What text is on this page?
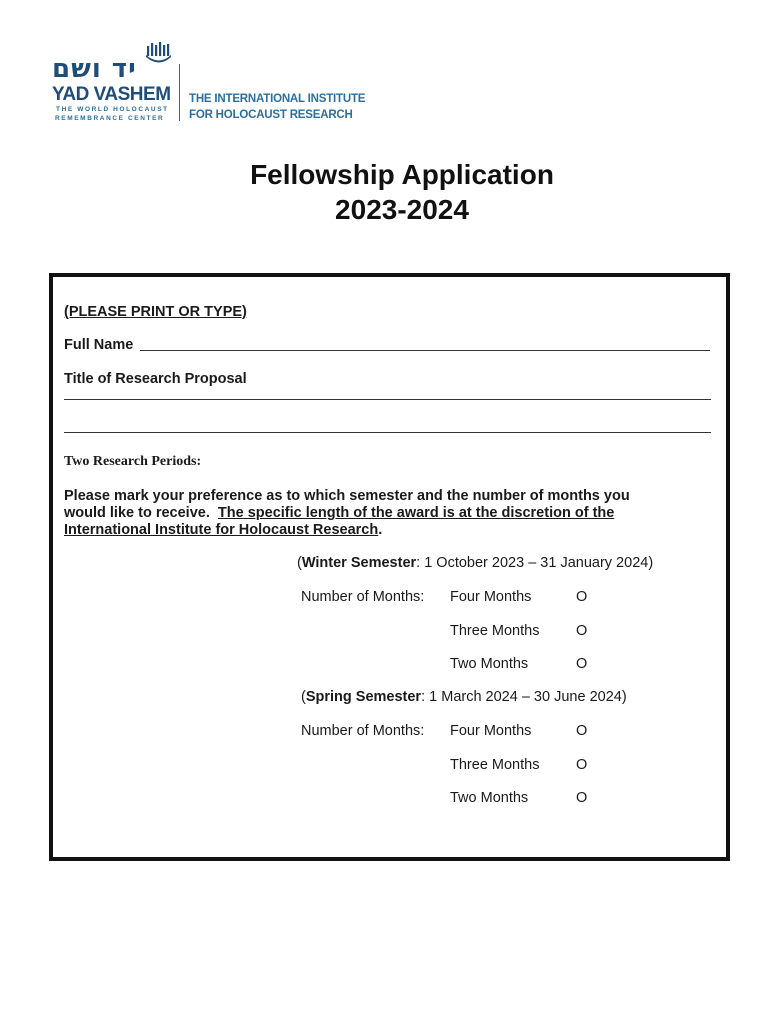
יד ושם
YAD VASHEM
THE WORLD HOLOCAUST
REMEMBRANCE CENTER
THE INTERNATIONAL INSTITUTE
FOR HOLOCAUST RESEARCH
Fellowship Application
2023-2024
(PLEASE PRINT OR TYPE)
Full Name
Title of Research Proposal
Two Research Periods:
Please mark your preference as to which semester and the number of months you
would like to receive. The specific length of the award is at the discretion of the
International Institute for Holocaust Research.
(Winter Semester: 1 October 2023 – 31 January 2024)
Number of Months: Four Months	O
Three Months	O
Two Months	O
(Spring Semester: 1 March 2024 – 30 June 2024)
Number of Months: Four Months	O
Three Months	O
Two Months	O
